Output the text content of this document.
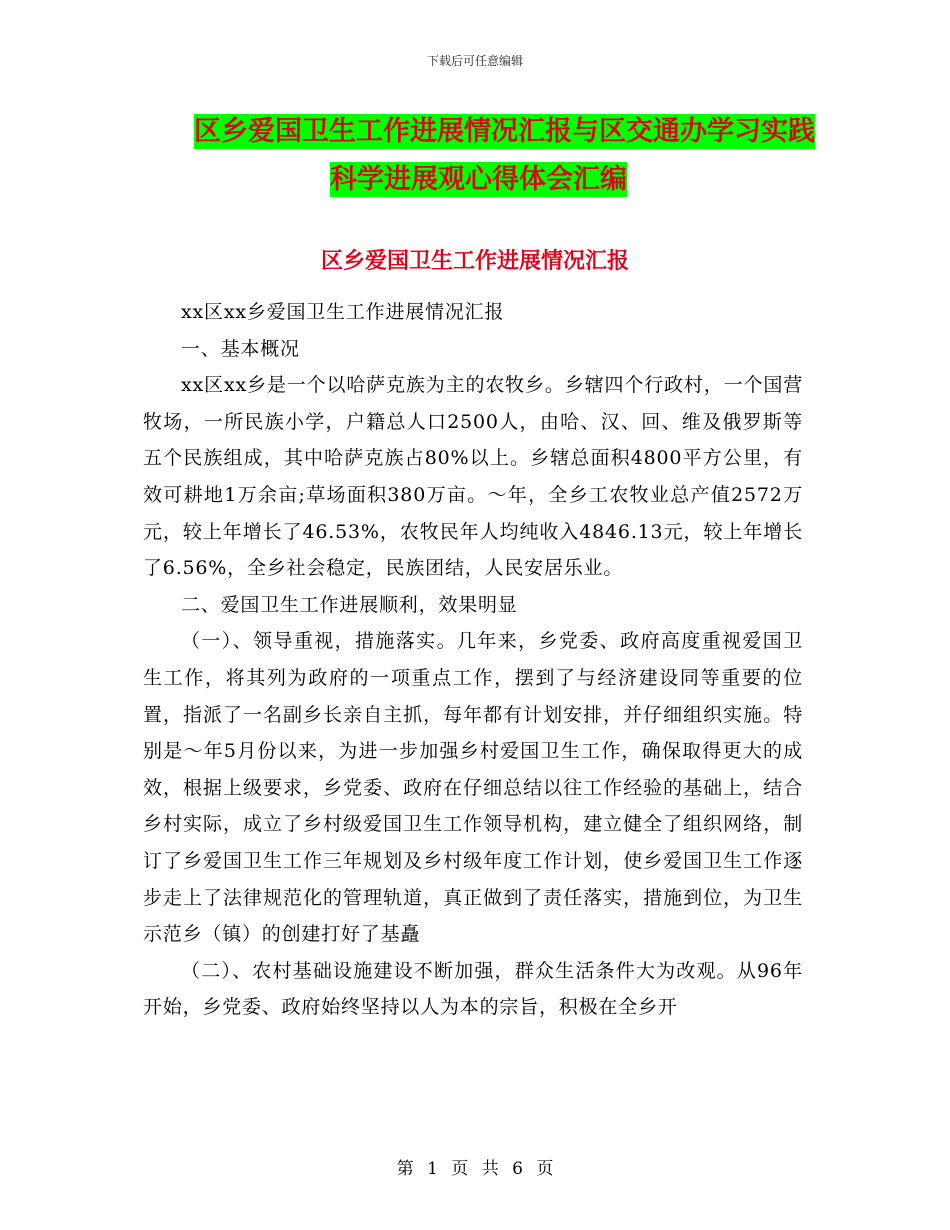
下载后可任意编辑
区乡爱国卫生工作进展情况汇报与区交通办学习实践
科学进展观心得体会汇编
区乡爱国卫生工作进展情况汇报

xx区xx乡爱国卫生工作进展情况汇报

一、基本概况

xx区xx乡是一个以哈萨克族为主的农牧乡。乡辖四个行政村，一个国营牧场，一所民族小学，户籍总人口2500人，由哈、汉、回、维及俄罗斯等五个民族组成，其中哈萨克族占80%以上。乡辖总面积4800平方公里，有效可耕地1万余亩;草场面积380万亩。～年，全乡工农牧业总产值2572万元，较上年增长了46.53%，农牧民年人均纯收入4846.13元，较上年增长了6.56%，全乡社会稳定，民族团结，人民安居乐业。

二、爱国卫生工作进展顺利，效果明显

（一）、领导重视，措施落实。几年来，乡党委、政府高度重视爱国卫生工作，将其列为政府的一项重点工作，摆到了与经济建设同等重要的位置，指派了一名副乡长亲自主抓，每年都有计划安排，并仔细组织实施。特别是～年5月份以来，为进一步加强乡村爱国卫生工作，确保取得更大的成效，根据上级要求，乡党委、政府在仔细总结以往工作经验的基础上，结合乡村实际，成立了乡村级爱国卫生工作领导机构，建立健全了组织网络，制订了乡爱国卫生工作三年规划及乡村级年度工作计划，使乡爱国卫生工作逐步走上了法律规范化的管理轨道，真正做到了责任落实，措施到位，为卫生示范乡（镇）的创建打好了基矗

（二）、农村基础设施建设不断加强，群众生活条件大为改观。从96年开始，乡党委、政府始终坚持以人为本的宗旨，积极在全乡开

第 1 页 共 6 页
